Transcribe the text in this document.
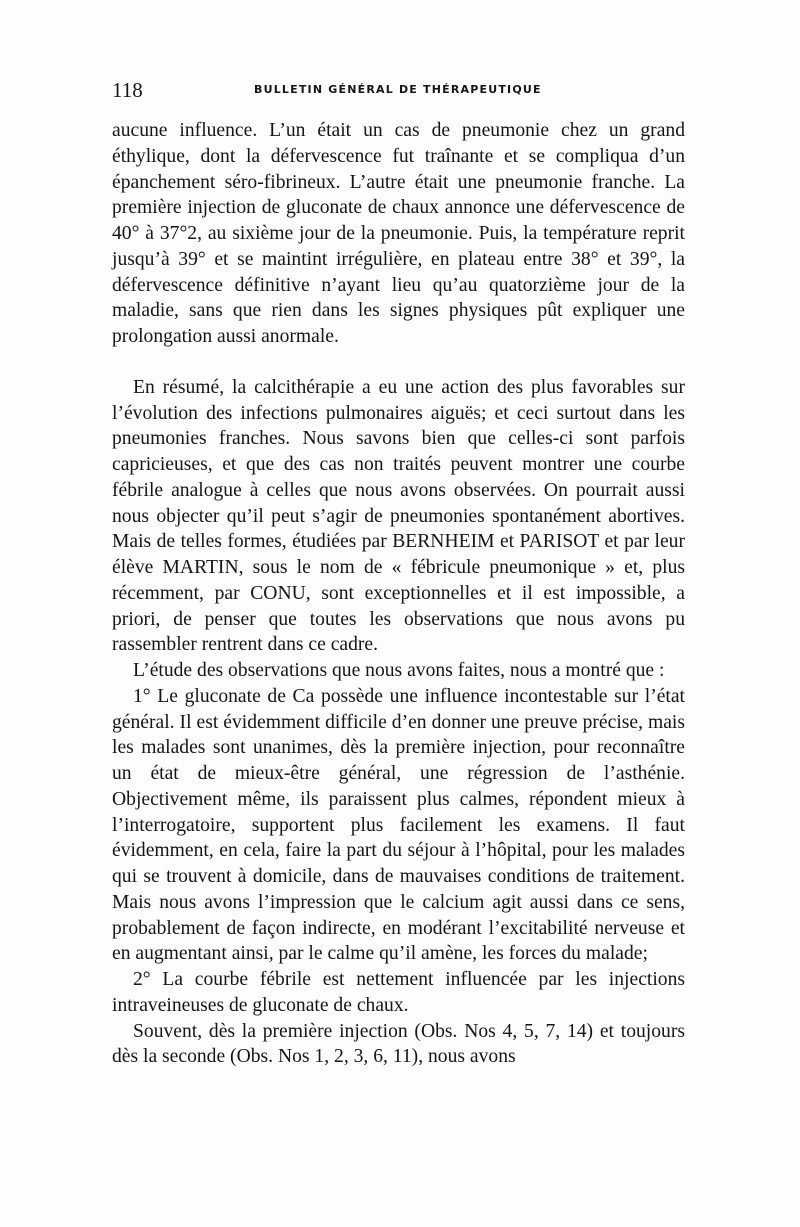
118	BULLETIN GÉNÉRAL DE THÉRAPEUTIQUE

aucune influence. L’un était un cas de pneumonie chez un grand éthylique, dont la défervescence fut traînante et se compliqua d’un épanchement séro-fibrineux. L’autre était une pneumonie franche. La première injection de gluconate de chaux annonce une défervescence de 40° à 37°2, au sixième jour de la pneumonie. Puis, la température reprit jusqu’à 39° et se maintint irrégulière, en plateau entre 38° et 39°, la défervescence définitive n’ayant lieu qu’au quatorzième jour de la maladie, sans que rien dans les signes physiques pût expliquer une prolongation aussi anormale.

En résumé, la calcithérapie a eu une action des plus favorables sur l’évolution des infections pulmonaires aiguës; et ceci surtout dans les pneumonies franches. Nous savons bien que celles-ci sont parfois capricieuses, et que des cas non traités peuvent montrer une courbe fébrile analogue à celles que nous avons observées. On pourrait aussi nous objecter qu’il peut s’agir de pneumonies spontanément abortives. Mais de telles formes, étudiées par BERNHEIM et PARISOT et par leur élève MARTIN, sous le nom de « fébricule pneumonique » et, plus récemment, par CONU, sont exceptionnelles et il est impossible, a priori, de penser que toutes les observations que nous avons pu rassembler rentrent dans ce cadre.

L’étude des observations que nous avons faites, nous a montré que :

1° Le gluconate de Ca possède une influence incontestable sur l’état général. Il est évidemment difficile d’en donner une preuve précise, mais les malades sont unanimes, dès la première injection, pour reconnaître un état de mieux-être général, une régression de l’asthénie. Objectivement même, ils paraissent plus calmes, répondent mieux à l’interrogatoire, supportent plus facilement les examens. Il faut évidemment, en cela, faire la part du séjour à l’hôpital, pour les malades qui se trouvent à domicile, dans de mauvaises conditions de traitement. Mais nous avons l’impression que le calcium agit aussi dans ce sens, probablement de façon indirecte, en modérant l’excitabilité nerveuse et en augmentant ainsi, par le calme qu’il amène, les forces du malade;

2° La courbe fébrile est nettement influencée par les injections intraveineuses de gluconate de chaux.

Souvent, dès la première injection (Obs. Nos 4, 5, 7, 14) et toujours dès la seconde (Obs. Nos 1, 2, 3, 6, 11), nous avons
